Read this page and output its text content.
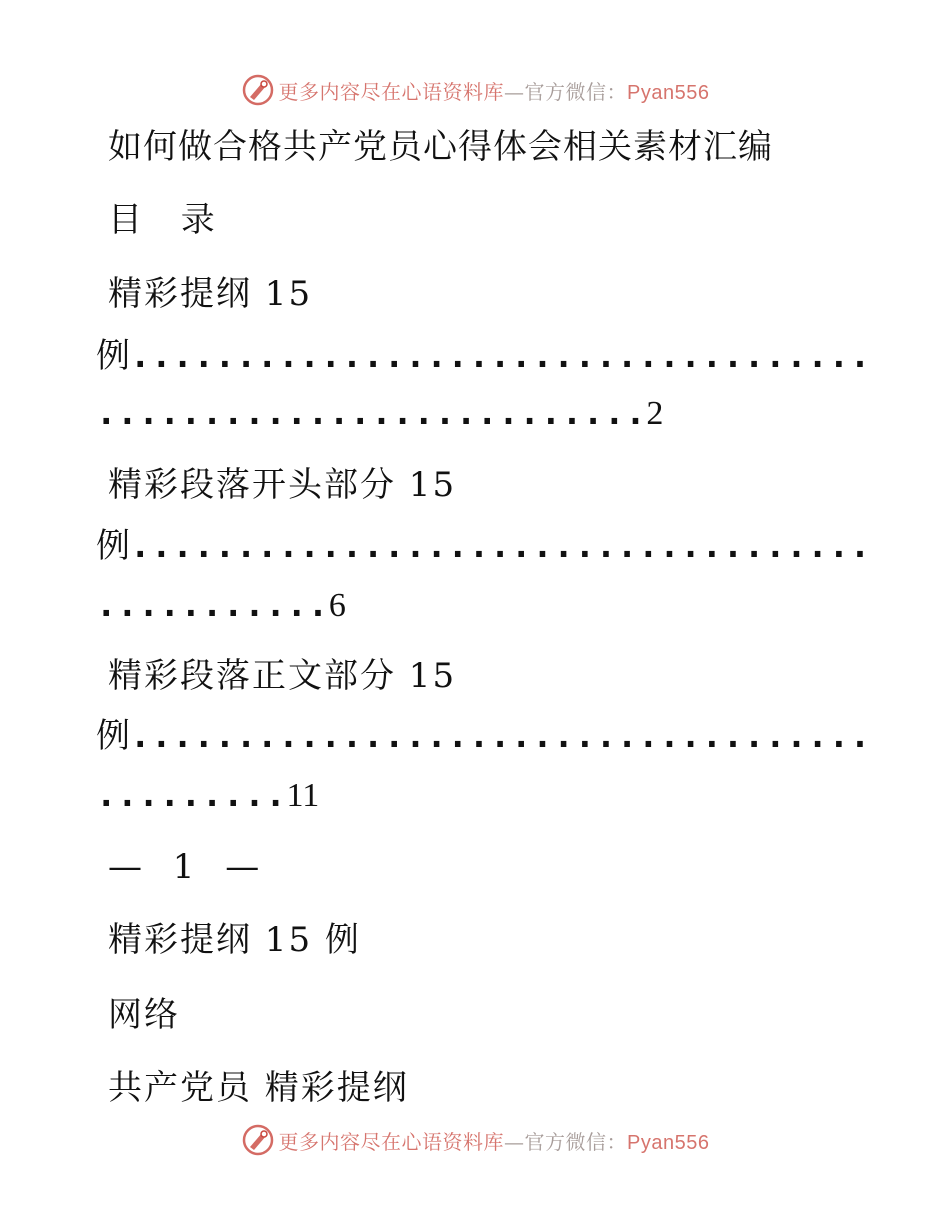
更多内容尽在心语资料库—官方微信：Pyan556
如何做合格共产党员心得体会相关素材汇编
目 录
精彩提纲 15
例...................................
..........................2
精彩段落开头部分 15
例...................................
...........6
精彩段落正文部分 15
例...................................
.........11
— 1 —
精彩提纲 15 例
网络
共产党员 精彩提纲
更多内容尽在心语资料库—官方微信：Pyan556
